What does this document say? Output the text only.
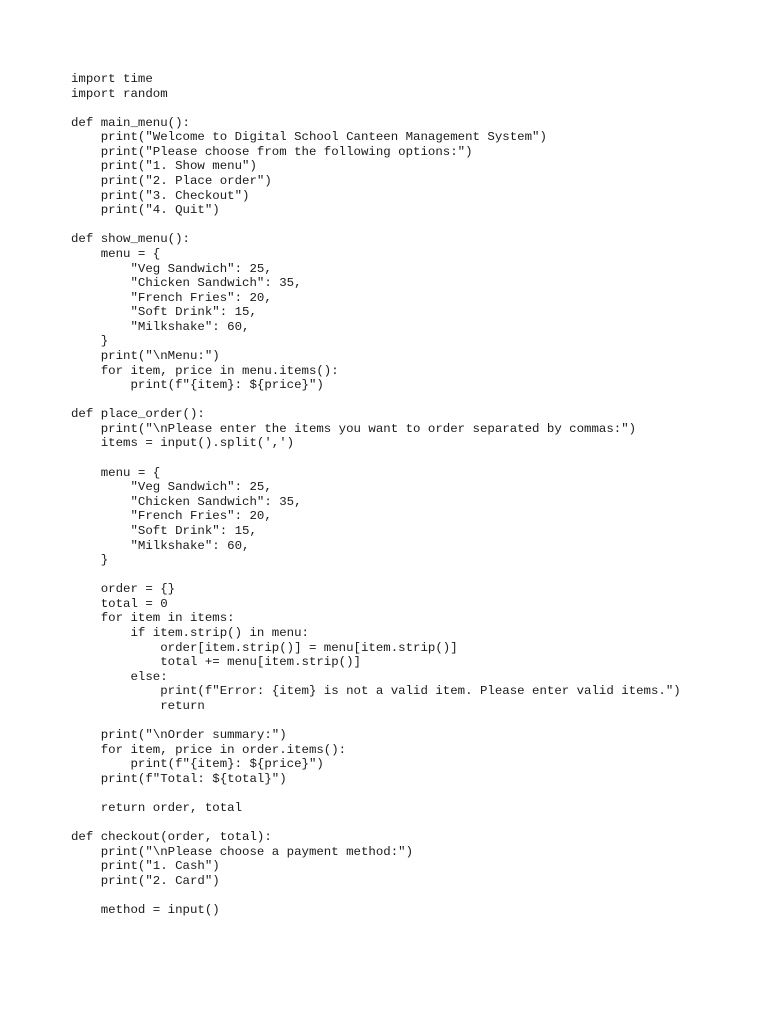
import time
import random
def main_menu():
print("Welcome to Digital School Canteen Management System")
print("Please choose from the following options:")
print("1. Show menu")
print("2. Place order")
print("3. Checkout")
print("4. Quit")
def show_menu():
menu = {
"Veg Sandwich": 25,
"Chicken Sandwich": 35,
"French Fries": 20,
"Soft Drink": 15,
"Milkshake": 60,
}
print("\nMenu:")
for item, price in menu.items():
print(f"{item}: ${price}")
def place_order():
print("\nPlease enter the items you want to order separated by commas:")
items = input().split(',')
menu = {
"Veg Sandwich": 25,
"Chicken Sandwich": 35,
"French Fries": 20,
"Soft Drink": 15,
"Milkshake": 60,
}
order = {}
total = 0
for item in items:
if item.strip() in menu:
order[item.strip()] = menu[item.strip()]
total += menu[item.strip()]
else:
print(f"Error: {item} is not a valid item. Please enter valid items.")
return
print("\nOrder summary:")
for item, price in order.items():
print(f"{item}: ${price}")
print(f"Total: ${total}")
return order, total
def checkout(order, total):
print("\nPlease choose a payment method:")
print("1. Cash")
print("2. Card")
method = input()
